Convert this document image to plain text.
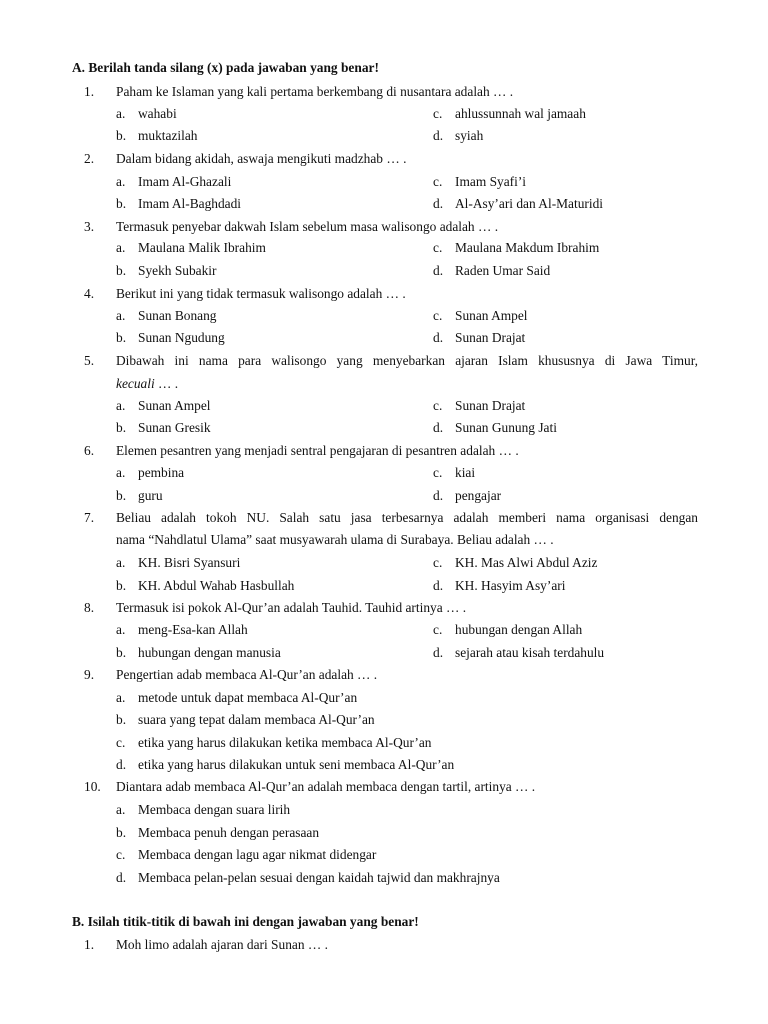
A. Berilah tanda silang (x) pada jawaban yang benar!
1.	Paham ke Islaman yang kali pertama berkembang di nusantara adalah … .
a. wahabi
b. muktazilah
c. ahlussunnah wal jamaah
d. syiah
2.	Dalam bidang akidah, aswaja mengikuti madzhab … .
a. Imam Al-Ghazali
b. Imam Al-Baghdadi
c. Imam Syafi’i
d. Al-Asy’ari dan Al-Maturidi
3.	Termasuk penyebar dakwah Islam sebelum masa walisongo adalah … .
a. Maulana Malik Ibrahim
b. Syekh Subakir
c. Maulana Makdum Ibrahim
d. Raden Umar Said
4.	Berikut ini yang tidak termasuk walisongo adalah … .
a. Sunan Bonang
b. Sunan Ngudung
c. Sunan Ampel
d. Sunan Drajat
5.	Dibawah ini nama para walisongo yang menyebarkan ajaran Islam khususnya di Jawa Timur,
kecuali … .
a. Sunan Ampel
b. Sunan Gresik
c. Sunan Drajat
d. Sunan Gunung Jati
6.	Elemen pesantren yang menjadi sentral pengajaran di pesantren adalah … .
a. pembina
b. guru
c. kiai
d. pengajar
7.	Beliau adalah tokoh NU. Salah satu jasa terbesarnya adalah memberi nama organisasi dengan
nama “Nahdlatul Ulama” saat musyawarah ulama di Surabaya. Beliau adalah … .
a. KH. Bisri Syansuri
b. KH. Abdul Wahab Hasbullah
c. KH. Mas Alwi Abdul Aziz
d. KH. Hasyim Asy’ari
8.	Termasuk isi pokok Al-Qur’an adalah Tauhid. Tauhid artinya … .
a. meng-Esa-kan Allah
b. hubungan dengan manusia
c. hubungan dengan Allah
d. sejarah atau kisah terdahulu
9.	Pengertian adab membaca Al-Qur’an adalah … .
a. metode untuk dapat membaca Al-Qur’an
b. suara yang tepat dalam membaca Al-Qur’an
c. etika yang harus dilakukan ketika membaca Al-Qur’an
d. etika yang harus dilakukan untuk seni membaca Al-Qur’an
10.	Diantara adab membaca Al-Qur’an adalah membaca dengan tartil, artinya … .
a. Membaca dengan suara lirih
b. Membaca penuh dengan perasaan
c. Membaca dengan lagu agar nikmat didengar
d. Membaca pelan-pelan sesuai dengan kaidah tajwid dan makhrajnya
B. Isilah titik-titik di bawah ini dengan jawaban yang benar!
1.	Moh limo adalah ajaran dari Sunan … .
